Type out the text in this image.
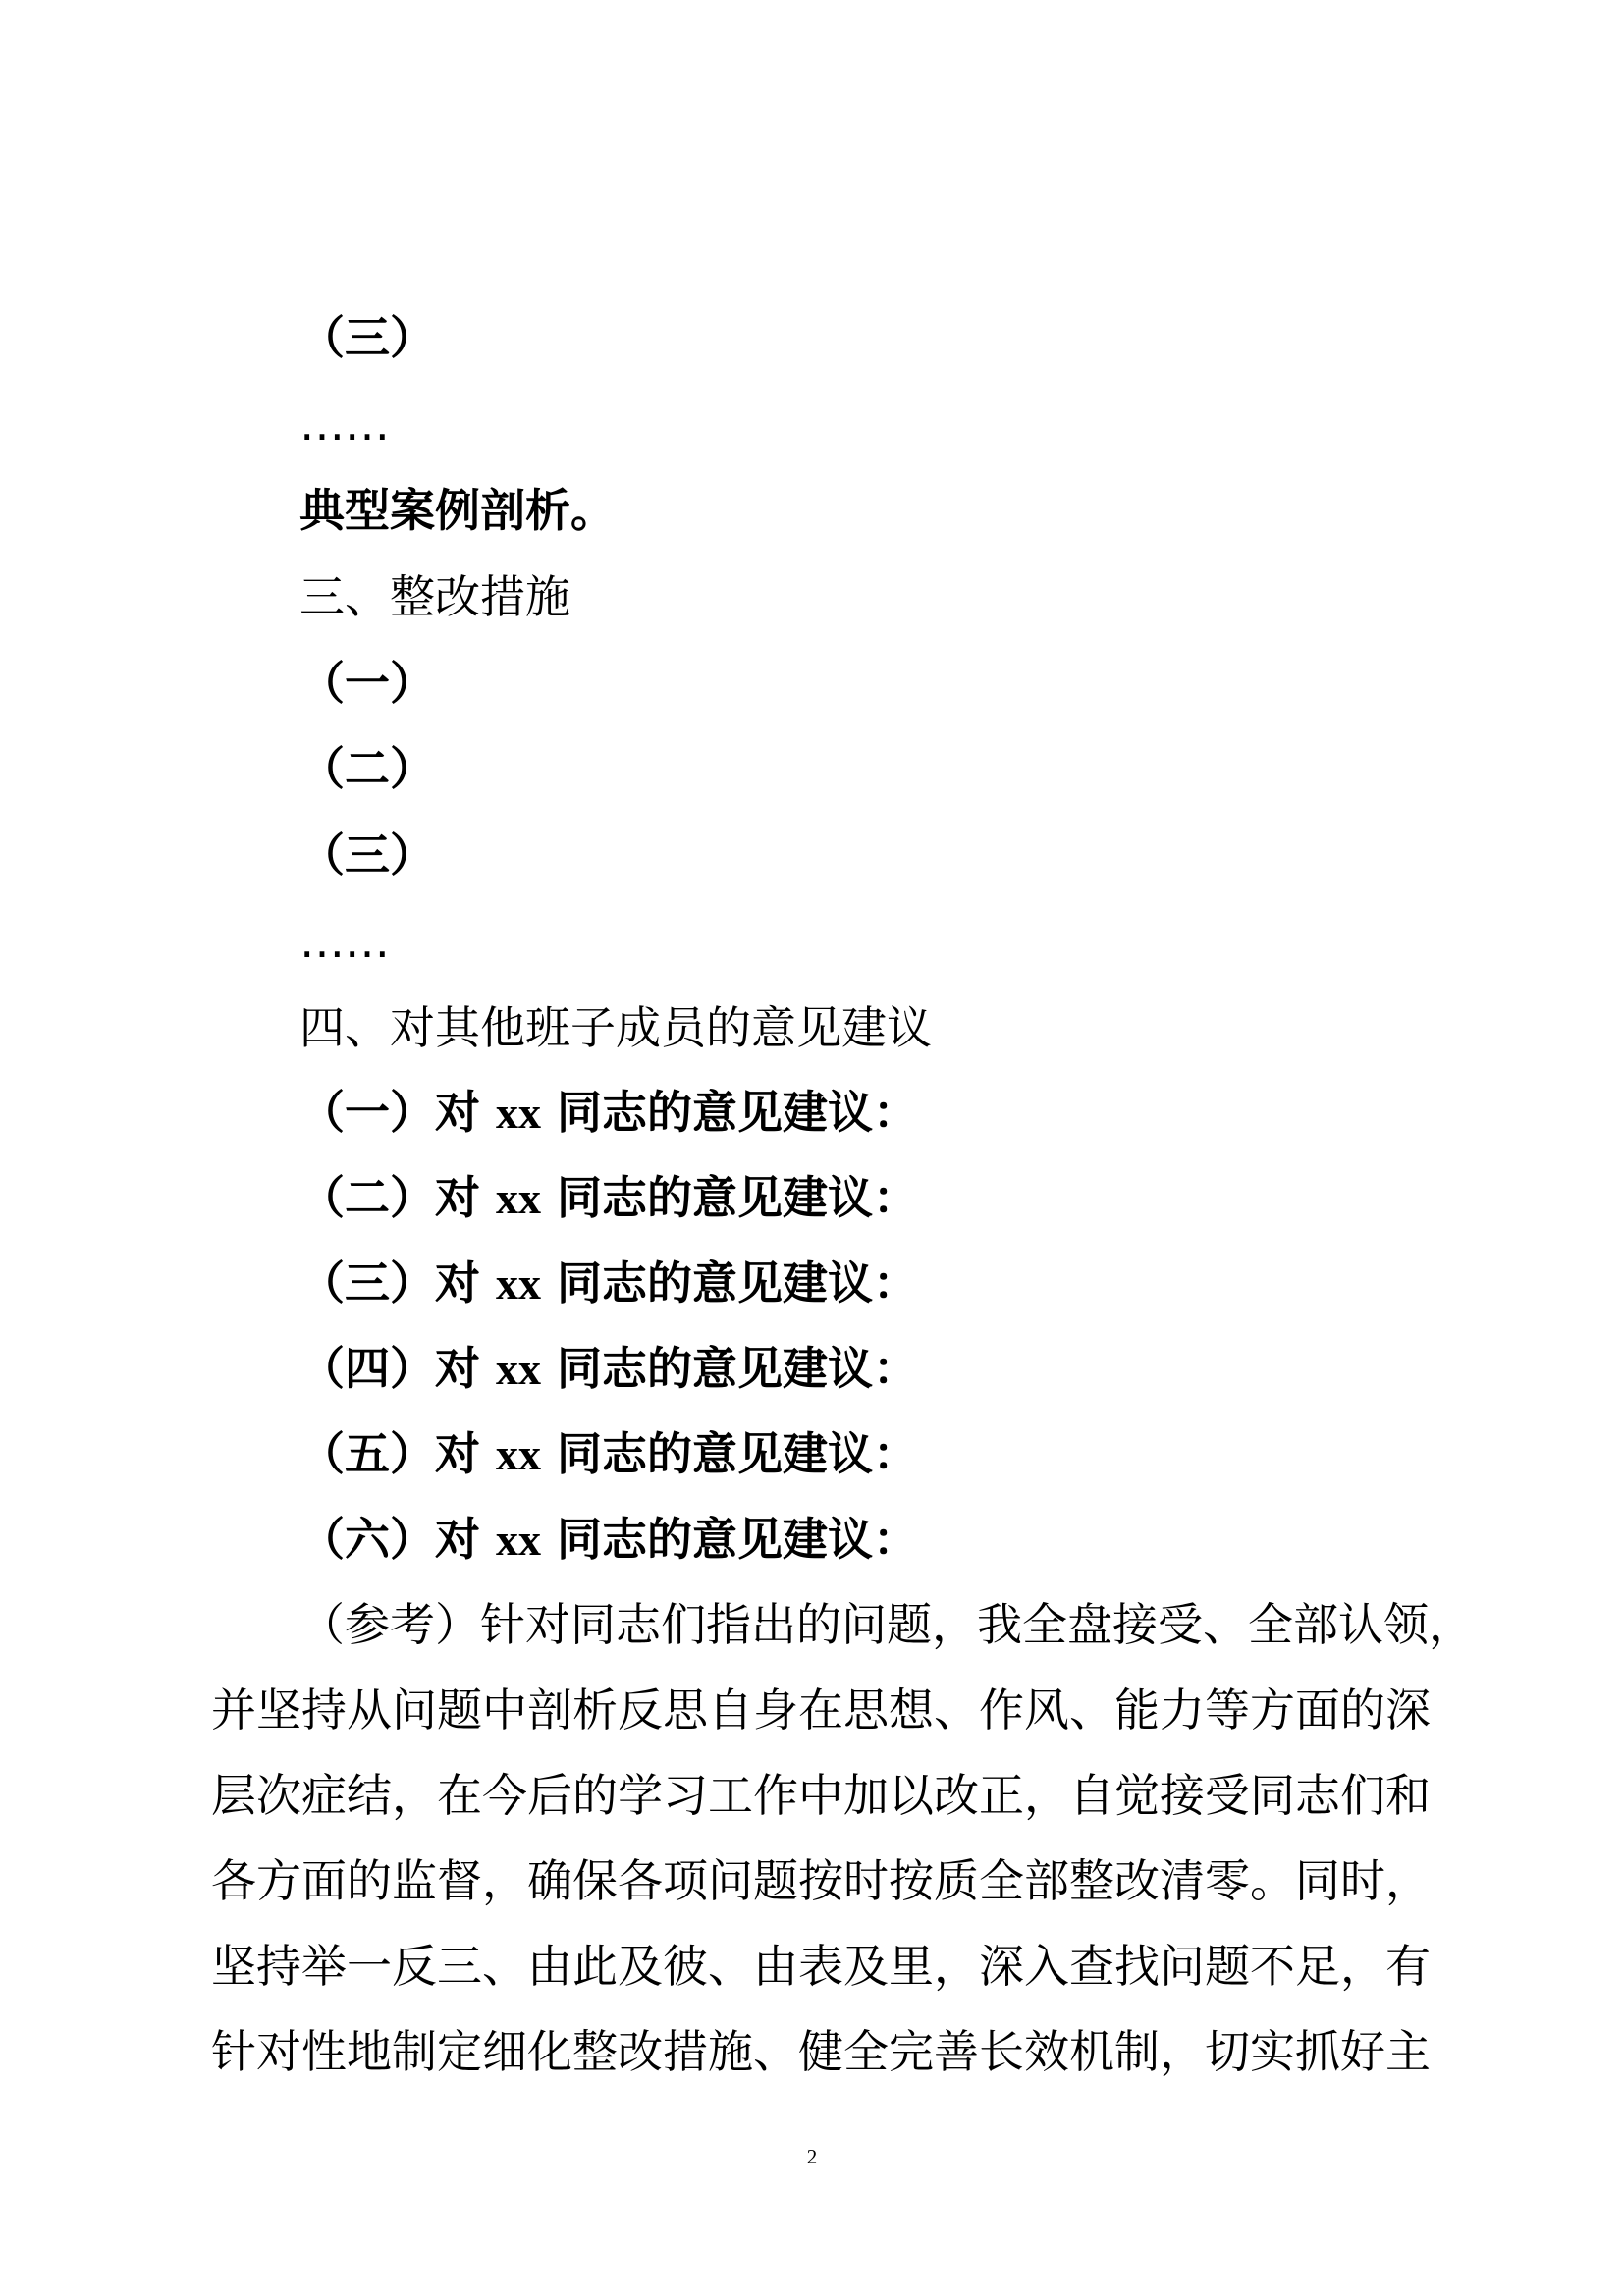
（三）
……
典型案例剖析。
三、整改措施
（一）
（二）
（三）
……
四、对其他班子成员的意见建议
（一）对 xx 同志的意见建议：
（二）对 xx 同志的意见建议：
（三）对 xx 同志的意见建议：
（四）对 xx 同志的意见建议：
（五）对 xx 同志的意见建议：
（六）对 xx 同志的意见建议：
（参考）针对同志们指出的问题，我全盘接受、全部认领，
并坚持从问题中剖析反思自身在思想、作风、能力等方面的深
层次症结，在今后的学习工作中加以改正，自觉接受同志们和
各方面的监督，确保各项问题按时按质全部整改清零。同时，
坚持举一反三、由此及彼、由表及里，深入查找问题不足，有
针对性地制定细化整改措施、健全完善长效机制，切实抓好主
2
